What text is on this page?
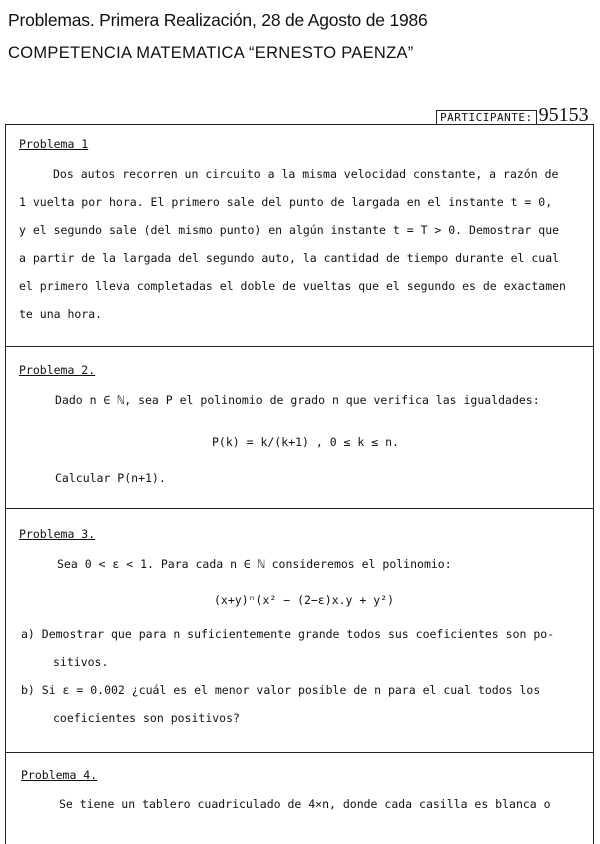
Problemas. Primera Realización, 28 de Agosto de 1986
COMPETENCIA MATEMATICA “ERNESTO PAENZA”
PARTICIPANTE: 95153
Problema 1
Dos autos recorren un circuito a la misma velocidad constante, a razón de
1 vuelta por hora. El primero sale del punto de largada en el instante t = 0,
y el segundo sale (del mismo punto) en algún instante t = T > 0. Demostrar que
a partir de la largada del segundo auto, la cantidad de tiempo durante el cual
el primero lleva completadas el doble de vueltas que el segundo es de exactamen
te una hora.
Problema 2.
Dado n ∈ ℕ, sea P el polinomio de grado n que verifica las igualdades:
P(k) = k/(k+1) , 0 ≤ k ≤ n.
Calcular P(n+1).
Problema 3.
Sea 0 < ε < 1. Para cada n ∈ ℕ consideremos el polinomio:
(x+y)ⁿ(x² − (2−ε)x.y + y²)
a) Demostrar que para n suficientemente grande todos sus coeficientes son po-
sitivos.
b) Si ε = 0.002 ¿cuál es el menor valor posible de n para el cual todos los
coeficientes son positivos?
Problema 4.
Se tiene un tablero cuadriculado de 4×n, donde cada casilla es blanca o
